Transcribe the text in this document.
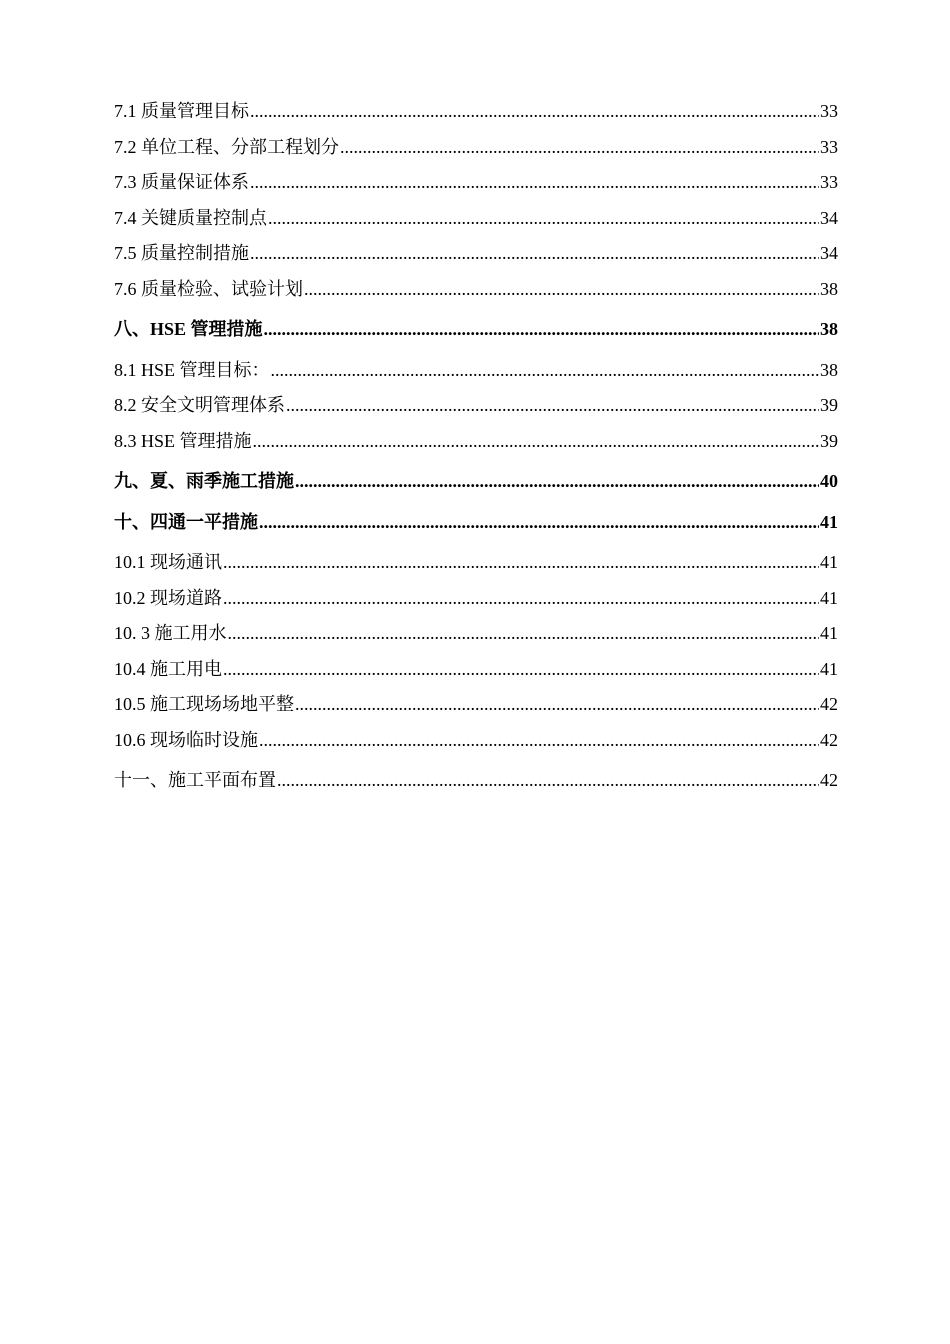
7.1 质量管理目标 .....	33
7.2 单位工程、分部工程划分 .....	33
7.3 质量保证体系 .....	33
7.4 关键质量控制点 .....	34
7.5 质量控制措施 .....	34
7.6 质量检验、试验计划 .....	38
八、HSE 管理措施 .....	38
8.1 HSE 管理目标： .....	38
8.2 安全文明管理体系 .....	39
8.3 HSE 管理措施 .....	39
九、夏、雨季施工措施 .....	40
十、四通一平措施 .....	41
10.1 现场通讯 .....	41
10.2 现场道路 .....	41
10. 3 施工用水 .....	41
10.4 施工用电 .....	41
10.5 施工现场场地平整 .....	42
10.6 现场临时设施 .....	42
十一、施工平面布置 .....	42
